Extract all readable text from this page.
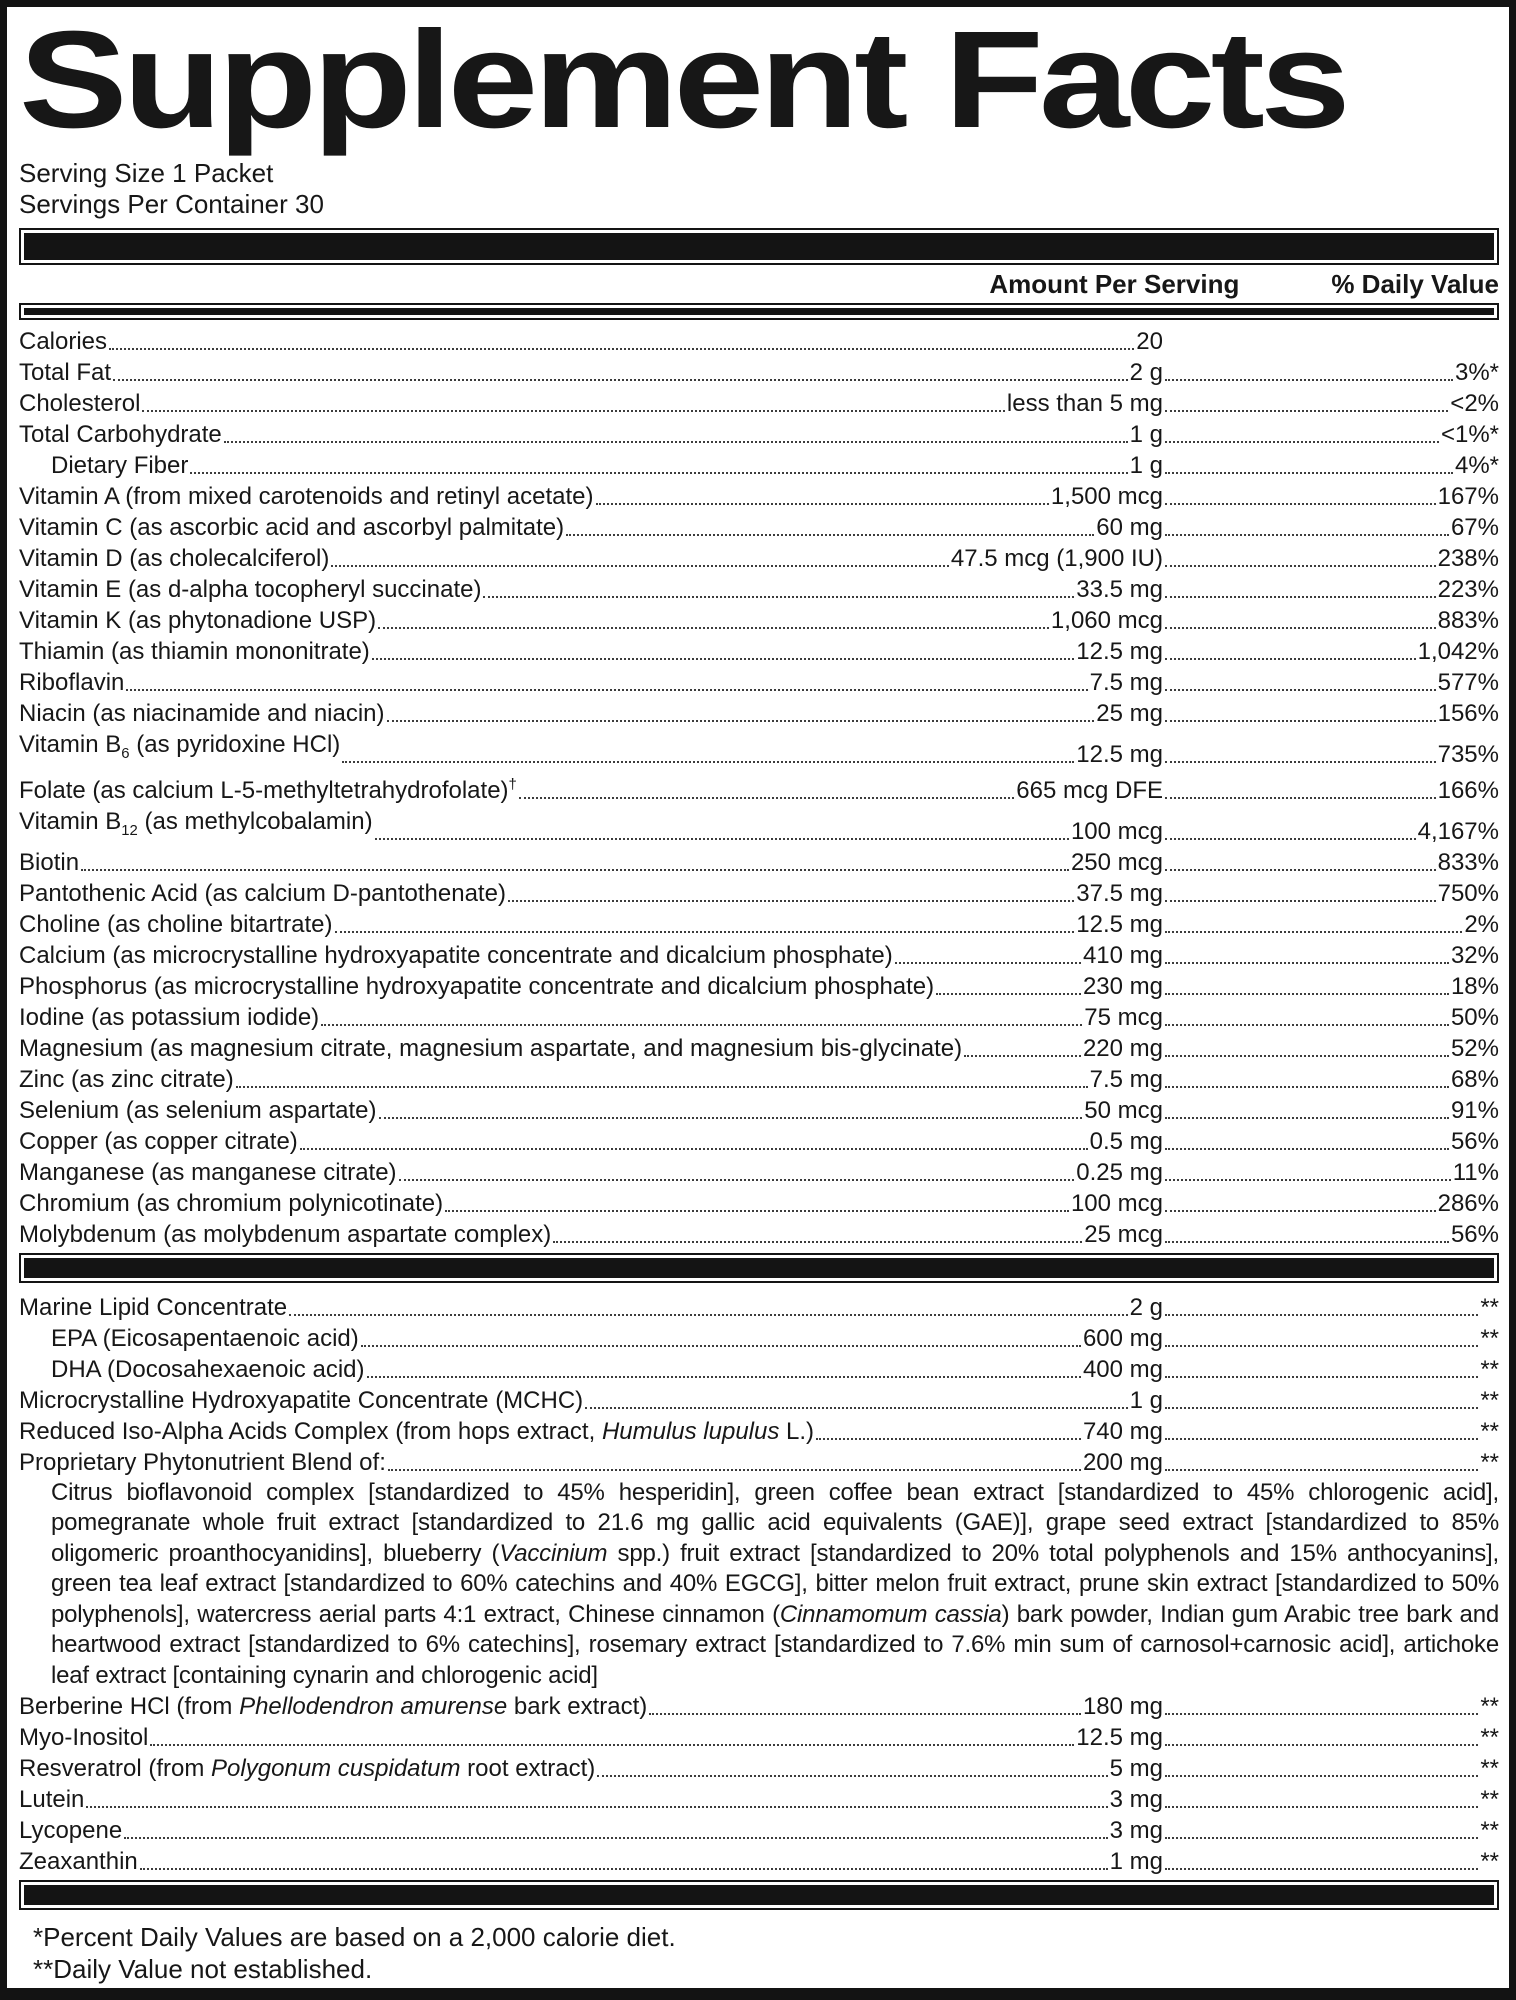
Supplement Facts
Serving Size 1 Packet
Servings Per Container 30
Amount Per Serving	% Daily Value
Calories	20
Total Fat	2 g	3%*
Cholesterol	less than 5 mg	<2%
Total Carbohydrate	1 g	<1%*
Dietary Fiber	1 g	4%*
Vitamin A (from mixed carotenoids and retinyl acetate)	1,500 mcg	167%
Vitamin C (as ascorbic acid and ascorbyl palmitate)	60 mg	67%
Vitamin D (as cholecalciferol)	47.5 mcg (1,900 IU)	238%
Vitamin E (as d-alpha tocopheryl succinate)	33.5 mg	223%
Vitamin K (as phytonadione USP)	1,060 mcg	883%
Thiamin (as thiamin mononitrate)	12.5 mg	1,042%
Riboflavin	7.5 mg	577%
Niacin (as niacinamide and niacin)	25 mg	156%
Vitamin $B_6$ (as pyridoxine HCl)	12.5 mg	735%
Folate (as calcium L-5-methyltetrahydrofolate)†	665 mcg DFE	166%
Vitamin $B_{12}$ (as methylcobalamin)	100 mcg	4,167%
Biotin	250 mcg	833%
Pantothenic Acid (as calcium D-pantothenate)	37.5 mg	750%
Choline (as choline bitartrate)	12.5 mg	2%
Calcium (as microcrystalline hydroxyapatite concentrate and dicalcium phosphate)	410 mg	32%
Phosphorus (as microcrystalline hydroxyapatite concentrate and dicalcium phosphate)	230 mg	18%
Iodine (as potassium iodide)	75 mcg	50%
Magnesium (as magnesium citrate, magnesium aspartate, and magnesium bis-glycinate)	220 mg	52%
Zinc (as zinc citrate)	7.5 mg	68%
Selenium (as selenium aspartate)	50 mcg	91%
Copper (as copper citrate)	0.5 mg	56%
Manganese (as manganese citrate)	0.25 mg	11%
Chromium (as chromium polynicotinate)	100 mcg	286%
Molybdenum (as molybdenum aspartate complex)	25 mcg	56%
Marine Lipid Concentrate	2 g	**
EPA (Eicosapentaenoic acid)	600 mg	**
DHA (Docosahexaenoic acid)	400 mg	**
Microcrystalline Hydroxyapatite Concentrate (MCHC)	1 g	**
Reduced Iso-Alpha Acids Complex (from hops extract, Humulus lupulus L.)	740 mg	**
Proprietary Phytonutrient Blend of:	200 mg	**
Citrus bioflavonoid complex [standardized to 45% hesperidin], green coffee bean extract [standardized to 45% chlorogenic acid], pomegranate whole fruit extract [standardized to 21.6 mg gallic acid equivalents (GAE)], grape seed extract [standardized to 85% oligomeric proanthocyanidins], blueberry (Vaccinium spp.) fruit extract [standardized to 20% total polyphenols and 15% anthocyanins], green tea leaf extract [standardized to 60% catechins and 40% EGCG], bitter melon fruit extract, prune skin extract [standardized to 50% polyphenols], watercress aerial parts 4:1 extract, Chinese cinnamon (Cinnamomum cassia) bark powder, Indian gum Arabic tree bark and heartwood extract [standardized to 6% catechins], rosemary extract [standardized to 7.6% min sum of carnosol+carnosic acid], artichoke leaf extract [containing cynarin and chlorogenic acid]
Berberine HCl (from Phellodendron amurense bark extract)	180 mg	**
Myo-Inositol	12.5 mg	**
Resveratrol (from Polygonum cuspidatum root extract)	5 mg	**
Lutein	3 mg	**
Lycopene	3 mg	**
Zeaxanthin	1 mg	**
*Percent Daily Values are based on a 2,000 calorie diet.
**Daily Value not established.
